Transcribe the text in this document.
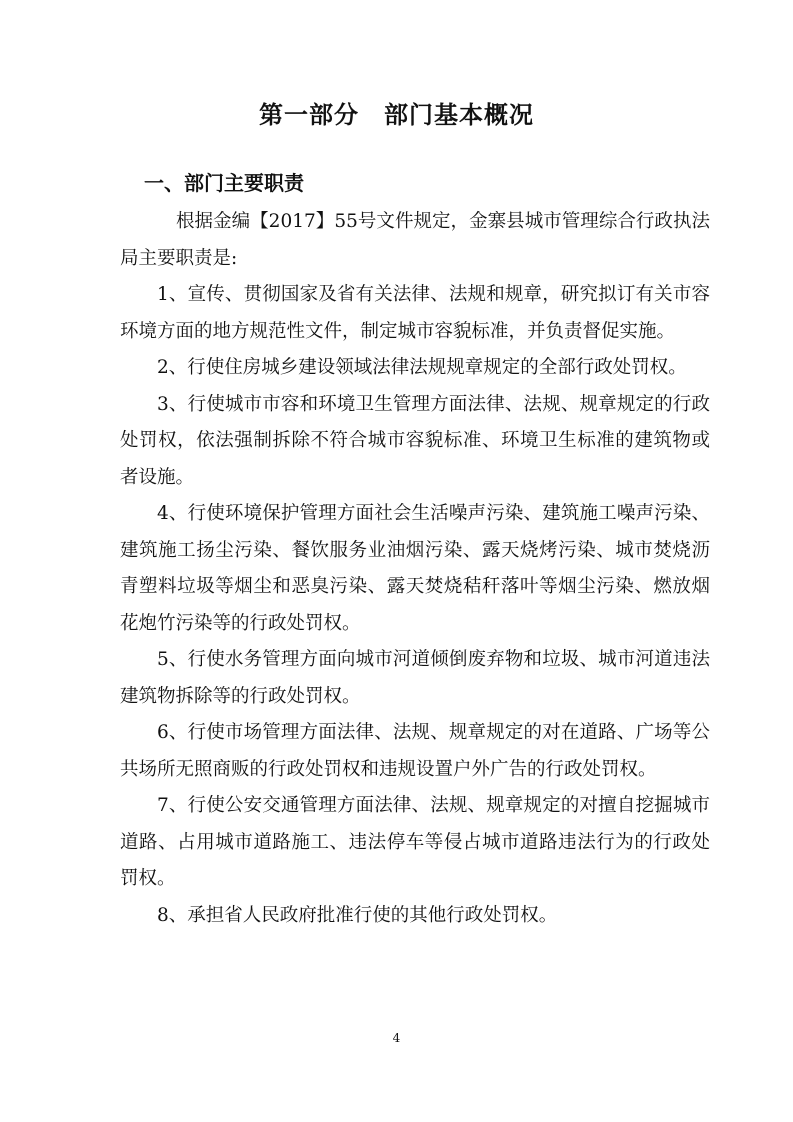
第一部分　部门基本概况
一、部门主要职责

根据金编【2017】55号文件规定，金寨县城市管理综合行政执法局主要职责是:

1、宣传、贯彻国家及省有关法律、法规和规章，研究拟订有关市容环境方面的地方规范性文件，制定城市容貌标准，并负责督促实施。

2、行使住房城乡建设领域法律法规规章规定的全部行政处罚权。

3、行使城市市容和环境卫生管理方面法律、法规、规章规定的行政处罚权，依法强制拆除不符合城市容貌标准、环境卫生标准的建筑物或者设施。

4、行使环境保护管理方面社会生活噪声污染、建筑施工噪声污染、建筑施工扬尘污染、餐饮服务业油烟污染、露天烧烤污染、城市焚烧沥青塑料垃圾等烟尘和恶臭污染、露天焚烧秸秆落叶等烟尘污染、燃放烟花炮竹污染等的行政处罚权。

5、行使水务管理方面向城市河道倾倒废弃物和垃圾、城市河道违法建筑物拆除等的行政处罚权。

6、行使市场管理方面法律、法规、规章规定的对在道路、广场等公共场所无照商贩的行政处罚权和违规设置户外广告的行政处罚权。

7、行使公安交通管理方面法律、法规、规章规定的对擅自挖掘城市道路、占用城市道路施工、违法停车等侵占城市道路违法行为的行政处罚权。

8、承担省人民政府批准行使的其他行政处罚权。

4
